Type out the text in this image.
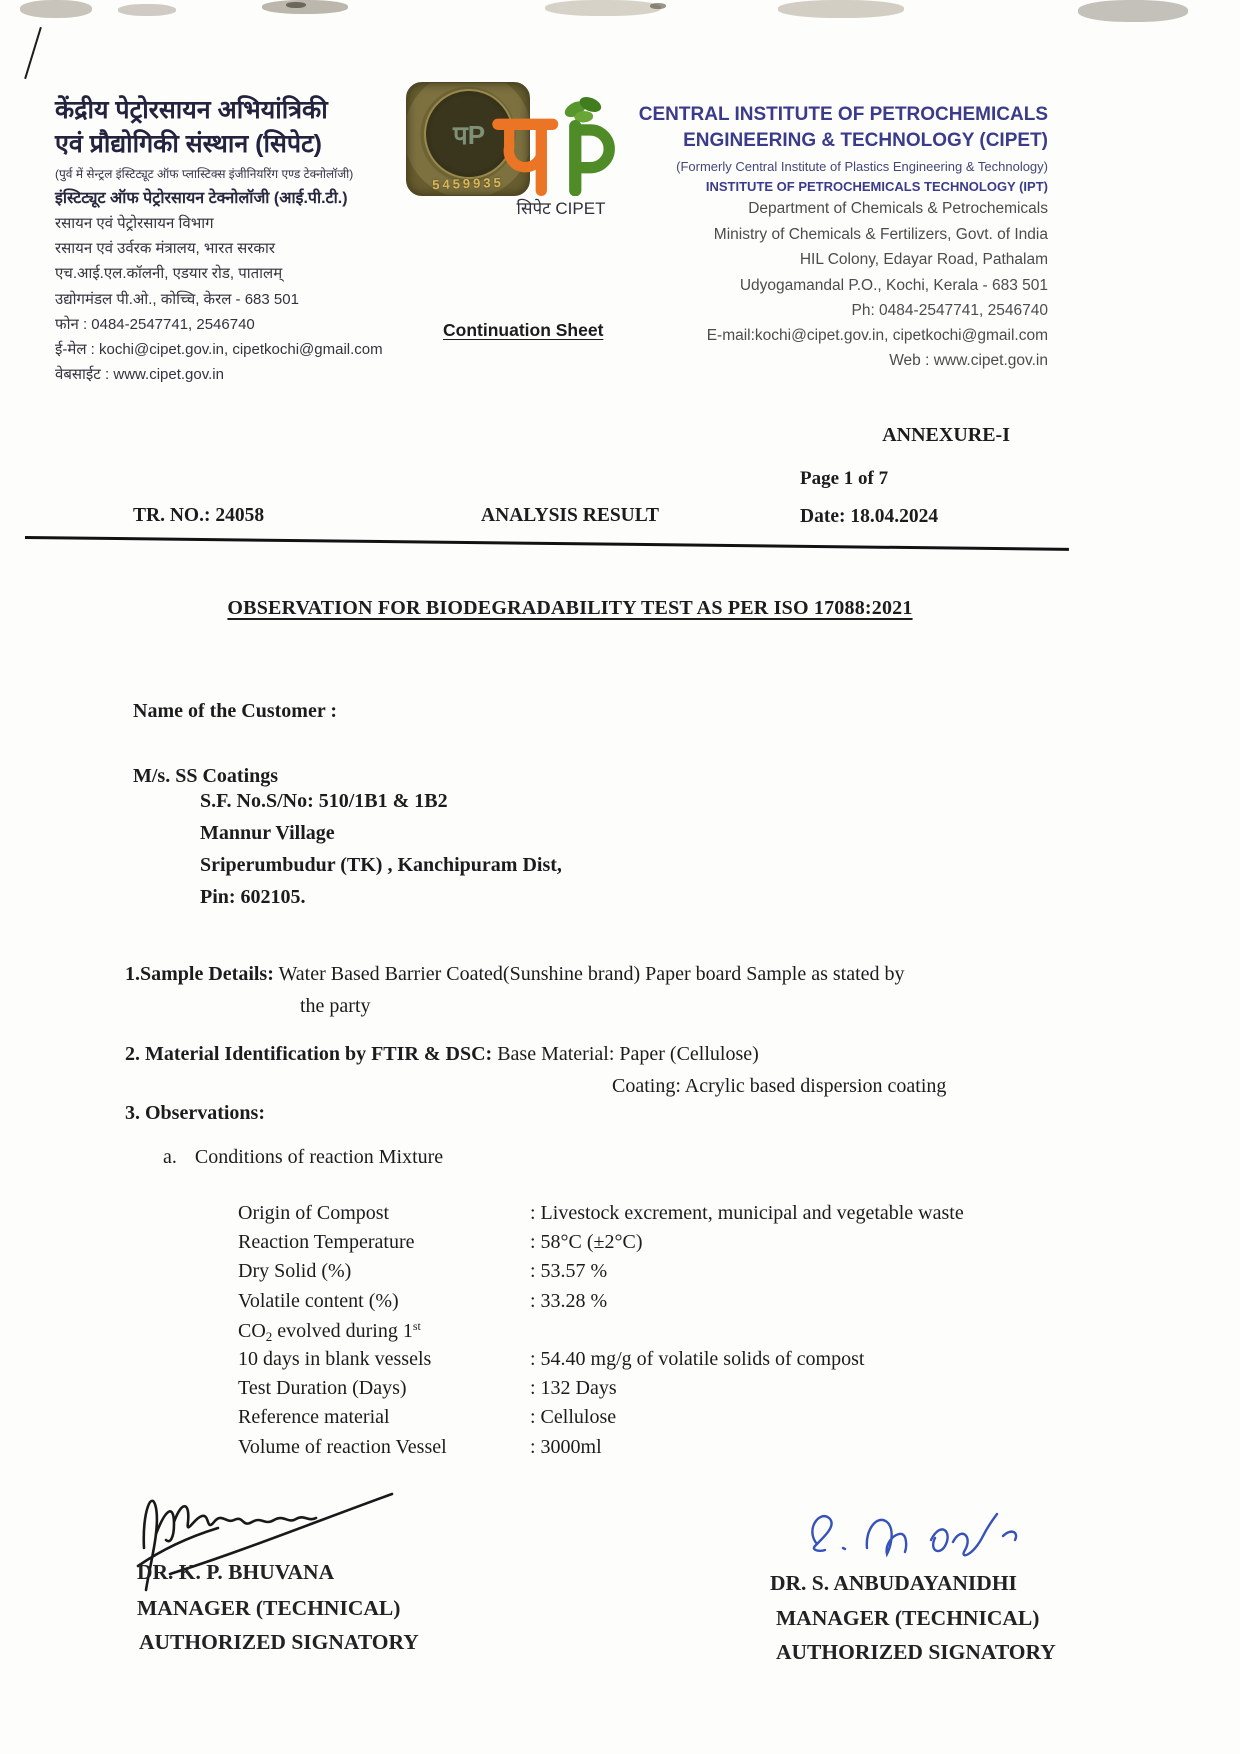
केंद्रीय पेट्रोरसायन अभियांत्रिकी
एवं प्रौद्योगिकी संस्थान (सिपेट)
(पुर्व में सेन्ट्रल इंस्टिट्यूट ऑफ प्लास्टिक्स इंजीनियरिंग एण्ड टेक्नोलॉजी)
इंस्टिट्यूट ऑफ पेट्रोरसायन टेक्नोलॉजी (आई.पी.टी.)
रसायन एवं पेट्रोरसायन विभाग
रसायन एवं उर्वरक मंत्रालय, भारत सरकार
एच.आई.एल.कॉलनी, एडयार रोड, पातालम्
उद्योगमंडल पी.ओ., कोच्चि, केरल - 683 501
फोन : 0484-2547741, 2546740
ई-मेल : kochi@cipet.gov.in, cipetkochi@gmail.com
वेबसाईट : www.cipet.gov.in
पP
5459935
सिपेट CIPET
CENTRAL INSTITUTE OF PETROCHEMICALS
ENGINEERING & TECHNOLOGY (CIPET)
(Formerly Central Institute of Plastics Engineering & Technology)
INSTITUTE OF PETROCHEMICALS TECHNOLOGY (IPT)
Department of Chemicals & Petrochemicals
Ministry of Chemicals & Fertilizers, Govt. of India
HIL Colony, Edayar Road, Pathalam
Udyogamandal P.O., Kochi, Kerala - 683 501
Ph: 0484-2547741, 2546740
E-mail:kochi@cipet.gov.in, cipetkochi@gmail.com
Web : www.cipet.gov.in
Continuation Sheet
ANNEXURE-I
Page 1 of 7
TR. NO.: 24058	ANALYSIS RESULT	Date: 18.04.2024
OBSERVATION FOR BIODEGRADABILITY TEST AS PER ISO 17088:2021
Name of the Customer :
M/s. SS Coatings
S.F. No.S/No: 510/1B1 & 1B2
Mannur Village
Sriperumbudur (TK) , Kanchipuram Dist,
Pin: 602105.
1.Sample Details: Water Based Barrier Coated(Sunshine brand) Paper board Sample as stated by
the party
2. Material Identification by FTIR & DSC: Base Material: Paper (Cellulose)
Coating: Acrylic based dispersion coating
3. Observations:
a. Conditions of reaction Mixture
Origin of Compost	: Livestock excrement, municipal and vegetable waste
Reaction Temperature	: 58°C (±2°C)
Dry Solid (%)	: 53.57 %
Volatile content (%)	: 33.28 %
$CO_2$ evolved during 1st
10 days in blank vessels	: 54.40 mg/g of volatile solids of compost
Test Duration (Days)	: 132 Days
Reference material	: Cellulose
Volume of reaction Vessel	: 3000ml
DR. K. P. BHUVANA
MANAGER (TECHNICAL)
AUTHORIZED SIGNATORY
DR. S. ANBUDAYANIDHI
MANAGER (TECHNICAL)
AUTHORIZED SIGNATORY
